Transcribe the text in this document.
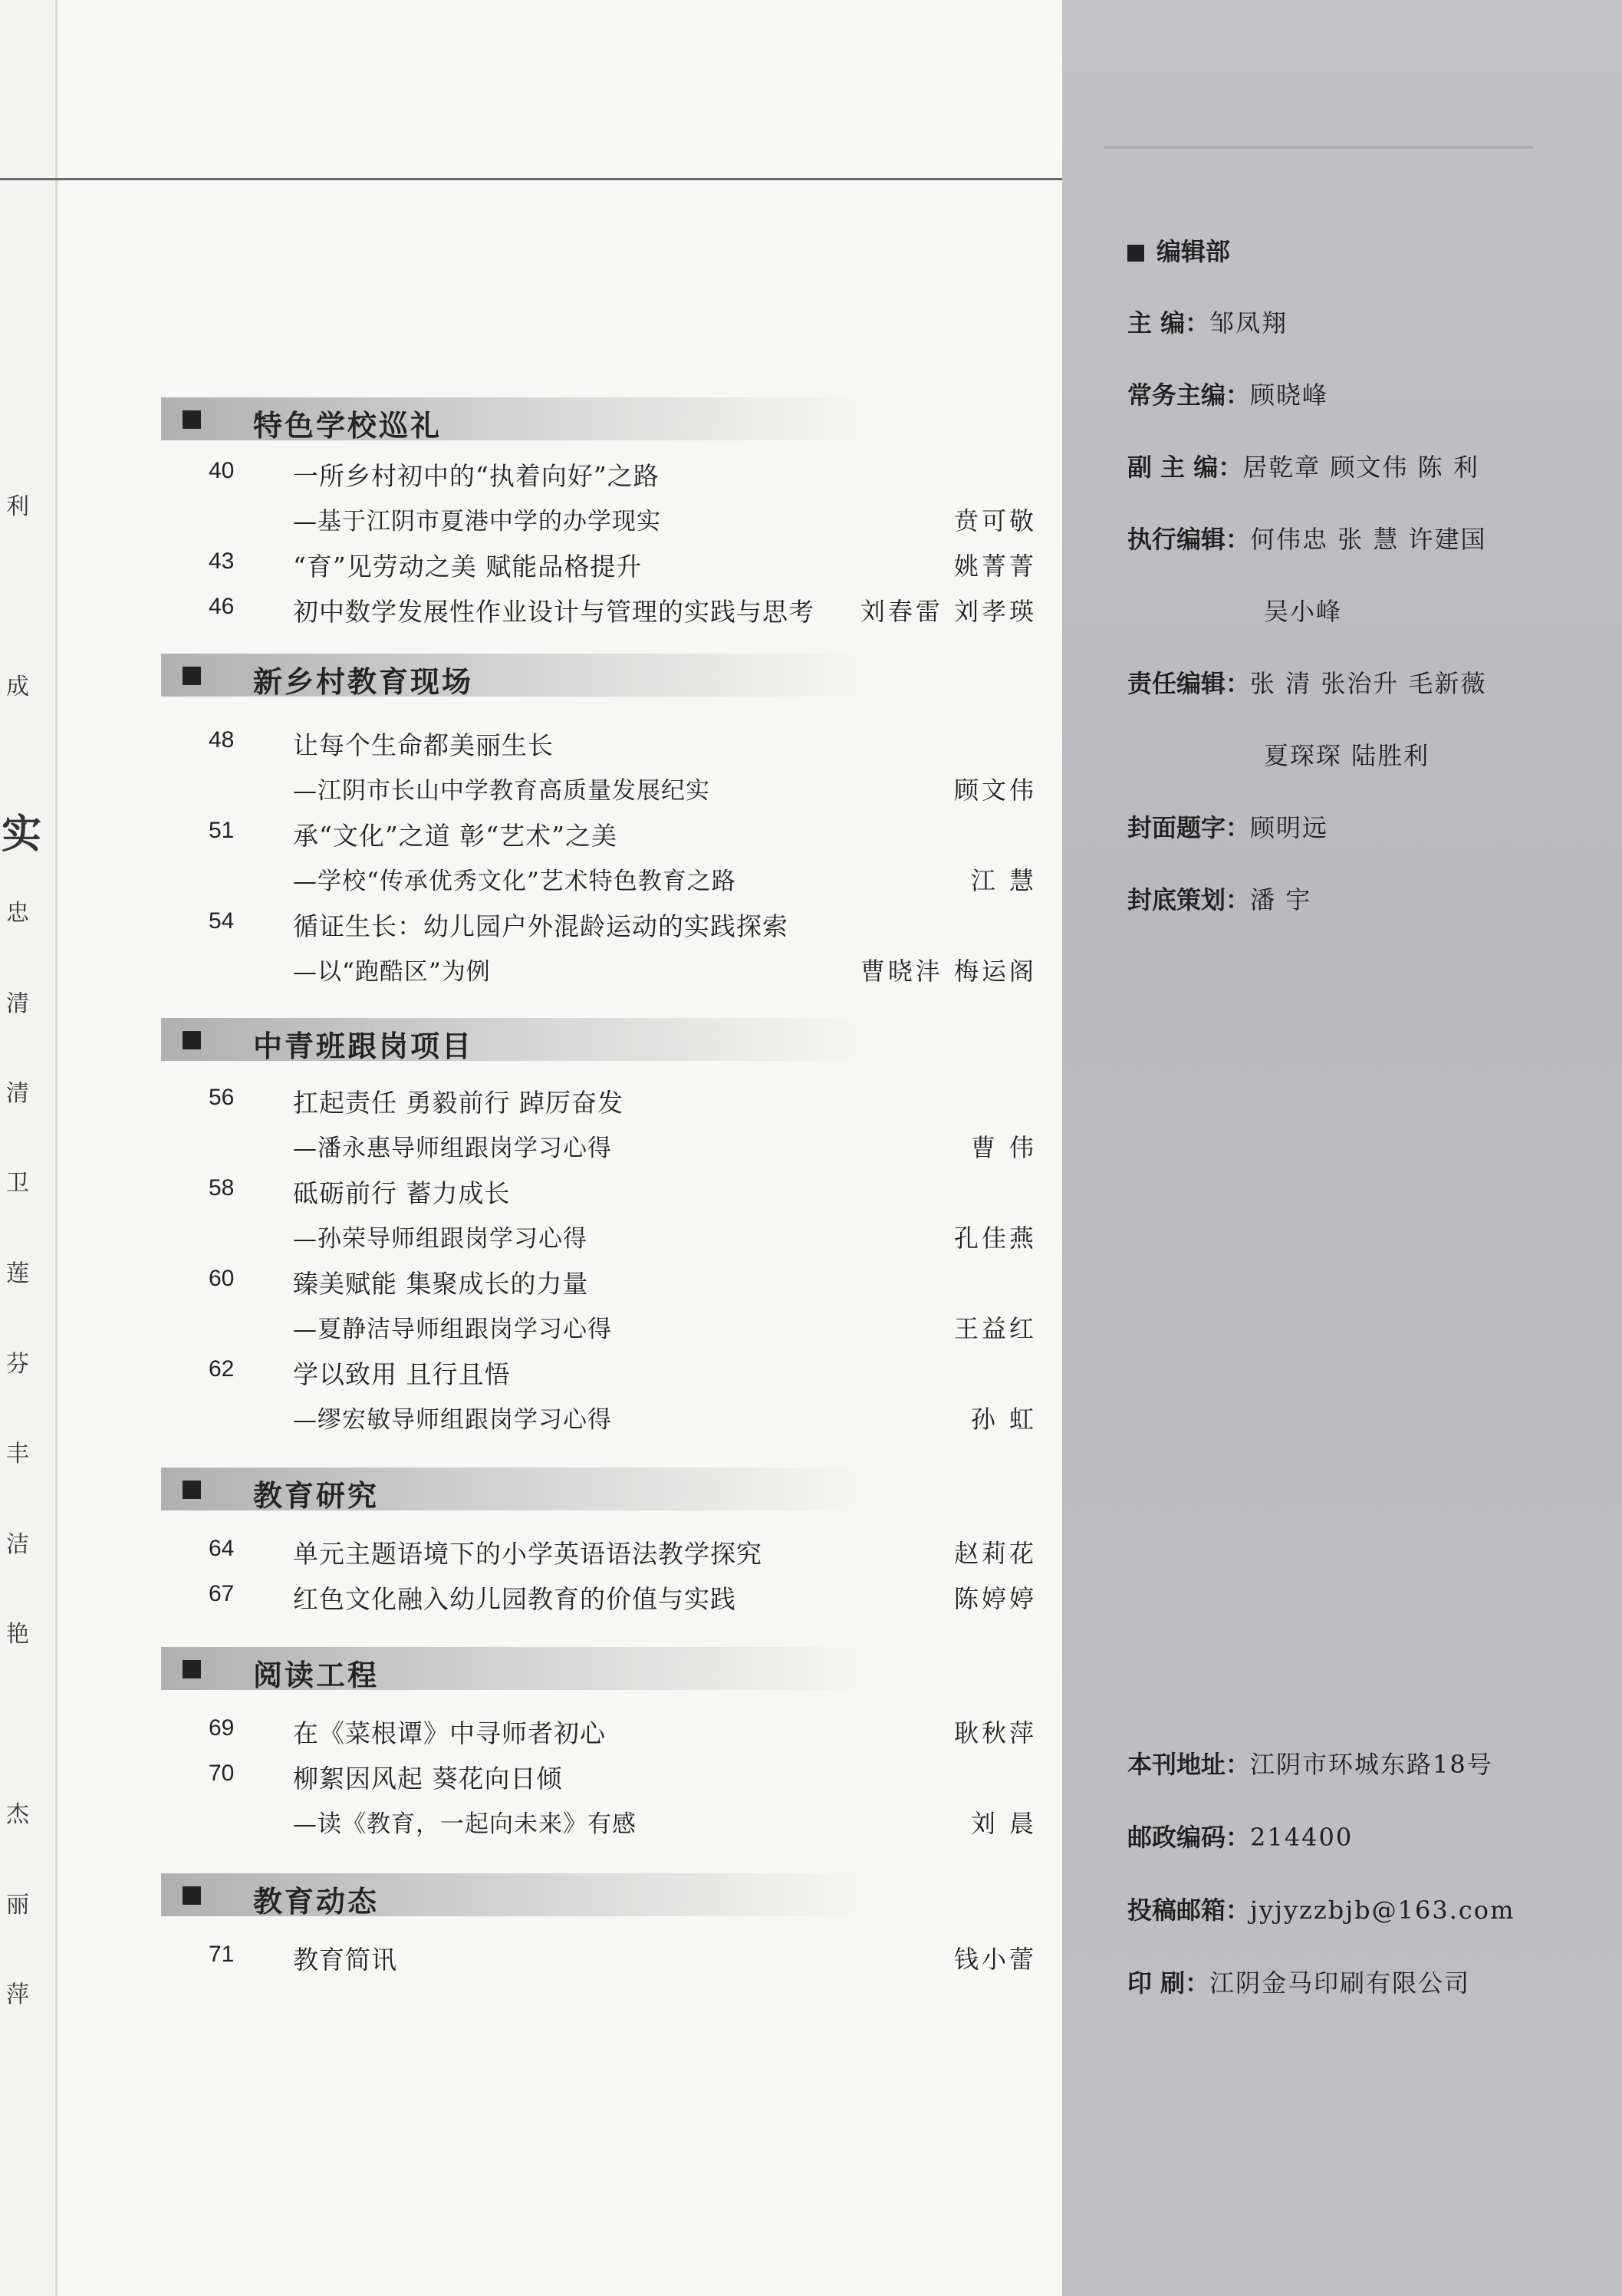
利
成
实
忠
清
清
卫
莲
芬
丰
洁
艳
杰
丽
萍
特色学校巡礼
40 一所乡村初中的“执着向好”之路
—基于江阴市夏港中学的办学现实	贲可敬
43 “育”见劳动之美 赋能品格提升	姚菁菁
46 初中数学发展性作业设计与管理的实践与思考 刘春雷 刘孝瑛
新乡村教育现场
48 让每个生命都美丽生长
—江阴市长山中学教育高质量发展纪实	顾文伟
51 承“文化”之道 彰“艺术”之美
—学校“传承优秀文化”艺术特色教育之路	江 慧
54 循证生长：幼儿园户外混龄运动的实践探索
—以“跑酷区”为例	曹晓沣 梅运阁
中青班跟岗项目
56 扛起责任 勇毅前行 踔厉奋发
—潘永惠导师组跟岗学习心得	曹 伟
58 砥砺前行 蓄力成长
—孙荣导师组跟岗学习心得	孔佳燕
60 臻美赋能 集聚成长的力量
—夏静洁导师组跟岗学习心得	王益红
62 学以致用 且行且悟
—缪宏敏导师组跟岗学习心得	孙 虹
教育研究
64 单元主题语境下的小学英语语法教学探究	赵莉花
67 红色文化融入幼儿园教育的价值与实践	陈婷婷
阅读工程
69 在《菜根谭》中寻师者初心	耿秋萍
70 柳絮因风起 葵花向日倾
—读《教育，一起向未来》有感	刘 晨
教育动态
71 教育简讯	钱小蕾
编辑部
主 编：邹凤翔
常务主编：顾晓峰
副 主 编：居乾章 顾文伟 陈 利
执行编辑：何伟忠 张 慧 许建国
吴小峰
责任编辑：张 清 张治升 毛新薇
夏琛琛 陆胜利
封面题字：顾明远
封底策划：潘 宇
本刊地址：江阴市环城东路18号
邮政编码：214400
投稿邮箱：jyjyzzbjb@163.com
印 刷：江阴金马印刷有限公司
